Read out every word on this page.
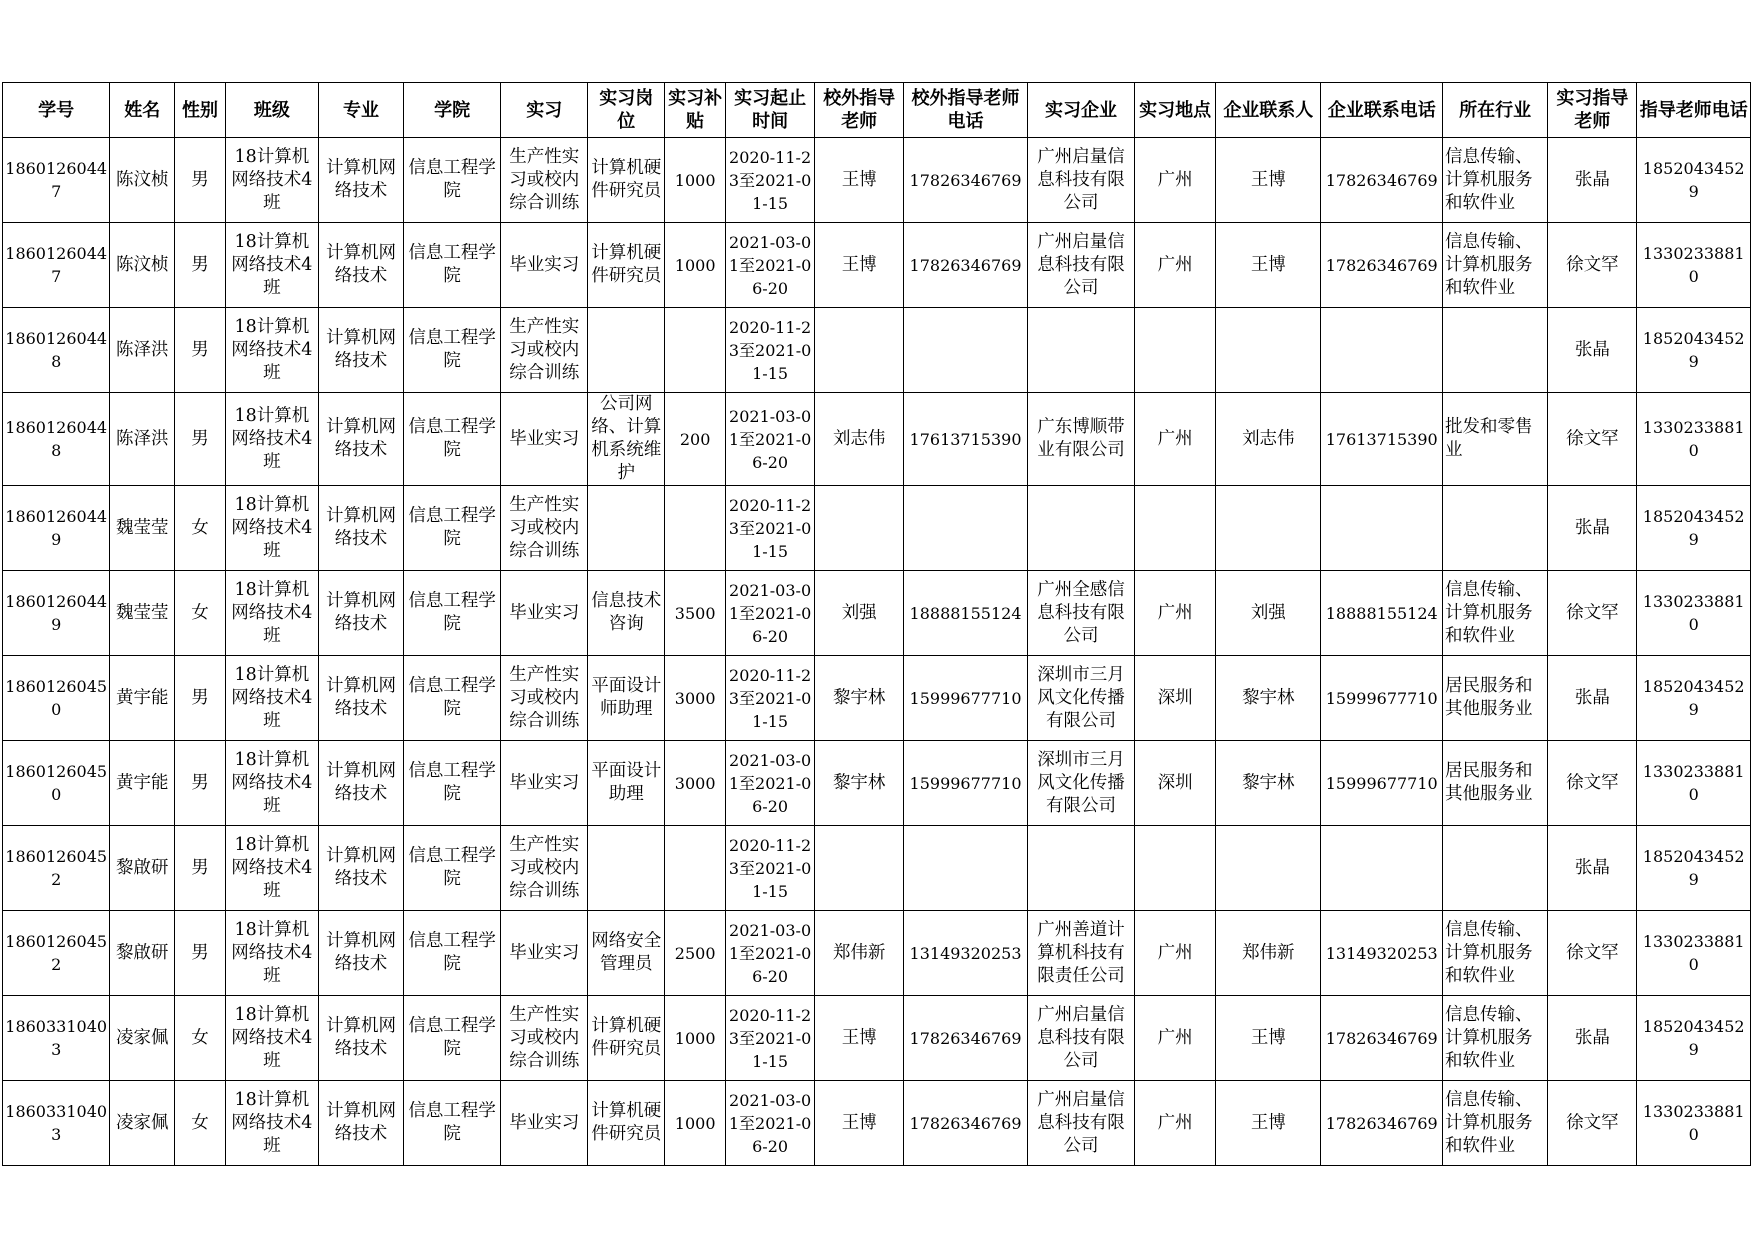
学号	姓名	性别	班级	专业	学院	实习	实习岗位	实习补贴	实习起止时间	校外指导老师	校外指导老师电话	实习企业	实习地点	企业联系人	企业联系电话	所在行业	实习指导老师	指导老师电话
18601260447	陈汶桢	男	18计算机网络技术4班	计算机网络技术	信息工程学院	生产性实习或校内综合训练	计算机硬件研究员	1000	2020-11-23至2021-01-15	王博	17826346769	广州启量信息科技有限公司	广州	王博	17826346769	信息传输、计算机服务和软件业	张晶	18520434529
18601260447	陈汶桢	男	18计算机网络技术4班	计算机网络技术	信息工程学院	毕业实习	计算机硬件研究员	1000	2021-03-01至2021-06-20	王博	17826346769	广州启量信息科技有限公司	广州	王博	17826346769	信息传输、计算机服务和软件业	徐文罕	13302338810
18601260448	陈泽洪	男	18计算机网络技术4班	计算机网络技术	信息工程学院	生产性实习或校内综合训练			2020-11-23至2021-01-15								张晶	18520434529
18601260448	陈泽洪	男	18计算机网络技术4班	计算机网络技术	信息工程学院	毕业实习	公司网络、计算机系统维护	200	2021-03-01至2021-06-20	刘志伟	17613715390	广东博顺带业有限公司	广州	刘志伟	17613715390	批发和零售业	徐文罕	13302338810
18601260449	魏莹莹	女	18计算机网络技术4班	计算机网络技术	信息工程学院	生产性实习或校内综合训练			2020-11-23至2021-01-15								张晶	18520434529
18601260449	魏莹莹	女	18计算机网络技术4班	计算机网络技术	信息工程学院	毕业实习	信息技术咨询	3500	2021-03-01至2021-06-20	刘强	18888155124	广州全感信息科技有限公司	广州	刘强	18888155124	信息传输、计算机服务和软件业	徐文罕	13302338810
18601260450	黄宇能	男	18计算机网络技术4班	计算机网络技术	信息工程学院	生产性实习或校内综合训练	平面设计师助理	3000	2020-11-23至2021-01-15	黎宇林	15999677710	深圳市三月风文化传播有限公司	深圳	黎宇林	15999677710	居民服务和其他服务业	张晶	18520434529
18601260450	黄宇能	男	18计算机网络技术4班	计算机网络技术	信息工程学院	毕业实习	平面设计助理	3000	2021-03-01至2021-06-20	黎宇林	15999677710	深圳市三月风文化传播有限公司	深圳	黎宇林	15999677710	居民服务和其他服务业	徐文罕	13302338810
18601260452	黎啟研	男	18计算机网络技术4班	计算机网络技术	信息工程学院	生产性实习或校内综合训练			2020-11-23至2021-01-15								张晶	18520434529
18601260452	黎啟研	男	18计算机网络技术4班	计算机网络技术	信息工程学院	毕业实习	网络安全管理员	2500	2021-03-01至2021-06-20	郑伟新	13149320253	广州善道计算机科技有限责任公司	广州	郑伟新	13149320253	信息传输、计算机服务和软件业	徐文罕	13302338810
18603310403	凌家佩	女	18计算机网络技术4班	计算机网络技术	信息工程学院	生产性实习或校内综合训练	计算机硬件研究员	1000	2020-11-23至2021-01-15	王博	17826346769	广州启量信息科技有限公司	广州	王博	17826346769	信息传输、计算机服务和软件业	张晶	18520434529
18603310403	凌家佩	女	18计算机网络技术4班	计算机网络技术	信息工程学院	毕业实习	计算机硬件研究员	1000	2021-03-01至2021-06-20	王博	17826346769	广州启量信息科技有限公司	广州	王博	17826346769	信息传输、计算机服务和软件业	徐文罕	13302338810
